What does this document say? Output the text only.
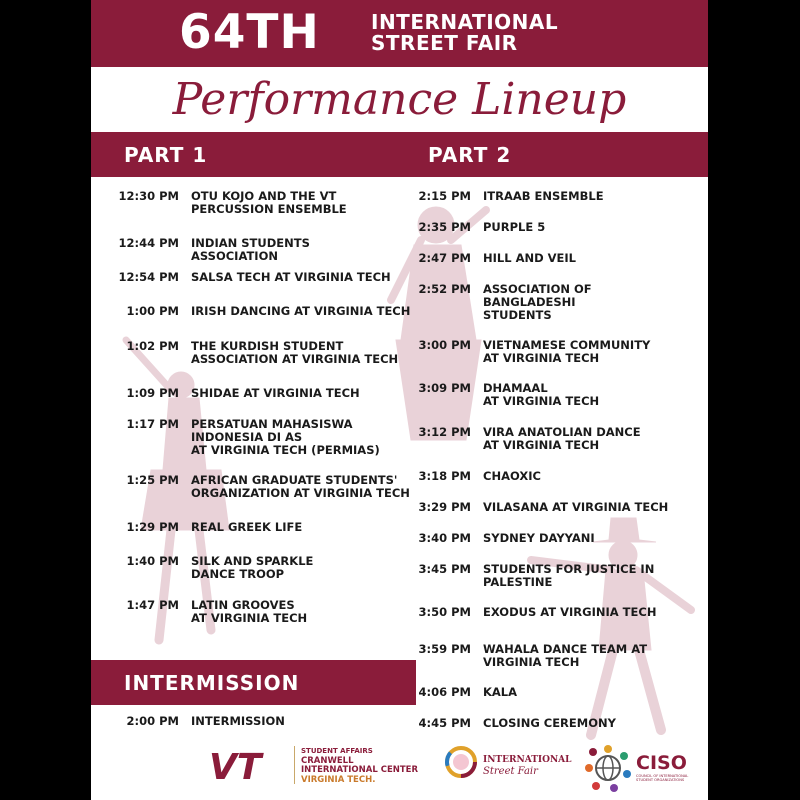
64TH	INTERNATIONAL
STREET FAIR
Performance Lineup
PART 1	PART 2
12:30 PM OTU KOJO AND THE VT
PERCUSSION ENSEMBLE
12:44 PM INDIAN STUDENTS
ASSOCIATION
12:54 PM SALSA TECH AT VIRGINIA TECH
1:00 PM IRISH DANCING AT VIRGINIA TECH
1:02 PM THE KURDISH STUDENT
ASSOCIATION AT VIRGINIA TECH
1:09 PM SHIDAE AT VIRGINIA TECH
1:17 PM PERSATUAN MAHASISWA
INDONESIA DI AS
AT VIRGINIA TECH (PERMIAS)
1:25 PM AFRICAN GRADUATE STUDENTS'
ORGANIZATION AT VIRGINIA TECH
1:29 PM REAL GREEK LIFE
1:40 PM SILK AND SPARKLE
DANCE TROOP
1:47 PM LATIN GROOVES
AT VIRGINIA TECH
INTERMISSION
2:00 PM INTERMISSION
2:15 PM ITRAAB ENSEMBLE
2:35 PM PURPLE 5
2:47 PM HILL AND VEIL
2:52 PM ASSOCIATION OF
BANGLADESHI
STUDENTS
3:00 PM VIETNAMESE COMMUNITY
AT VIRGINIA TECH
3:09 PM DHAMAAL
AT VIRGINIA TECH
3:12 PM VIRA ANATOLIAN DANCE
AT VIRGINIA TECH
3:18 PM CHAOXIC
3:29 PM VILASANA AT VIRGINIA TECH
3:40 PM SYDNEY DAYYANI
3:45 PM STUDENTS FOR JUSTICE IN
PALESTINE
3:50 PM EXODUS AT VIRGINIA TECH
3:59 PM WAHALA DANCE TEAM AT
VIRGINIA TECH
4:06 PM KALA
4:45 PM CLOSING CEREMONY
VT	STUDENT AFFAIRS
CRANWELL
INTERNATIONAL CENTER
VIRGINIA TECH.
INTERNATIONAL
Street Fair	CISO
COUNCIL OF INTERNATIONAL STUDENT ORGANIZATIONS
